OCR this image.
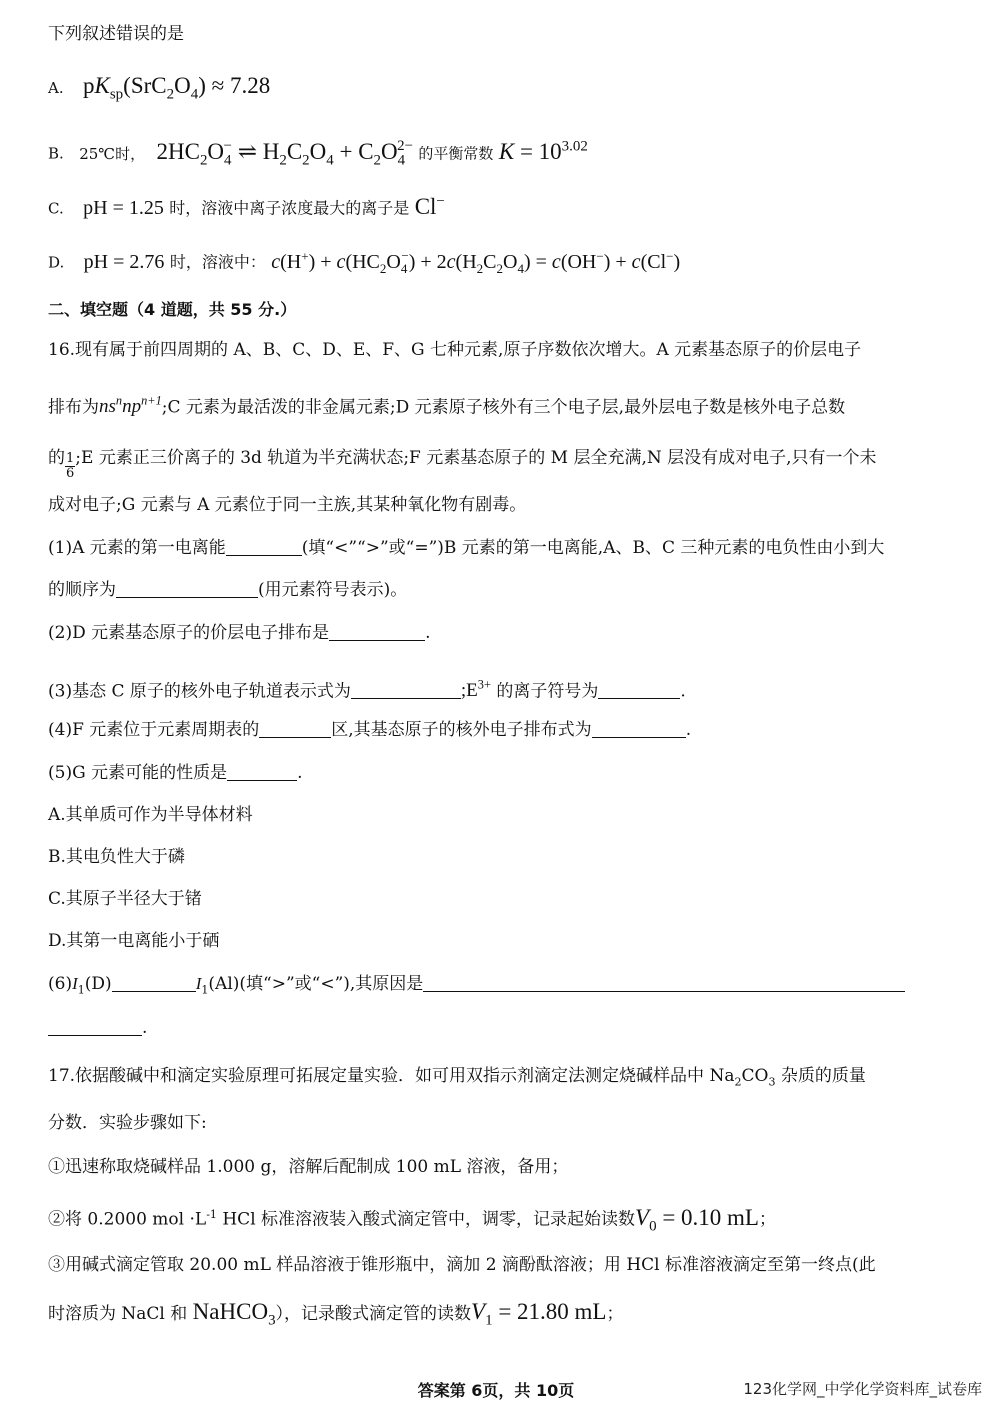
下列叙述错误的是
A. $pK_{sp}(SrC_2O_4) \approx 7.28$
B. 25℃时， $2HC_2O_4^-$ ⇌ $H_2C_2O_4 + C_2O_4^{2-}$ 的平衡常数 $K = 10^{3.02}$
C. pH = 1.25 时，溶液中离子浓度最大的离子是 Cl−
D. pH = 2.76 时，溶液中： $c(H^+) + c(HC_2O_4^-) + 2c(H_2C_2O_4) = c(OH^-) + c(Cl^-)$
二、填空题（4 道题，共 55 分.）
16.现有属于前四周期的 A、B、C、D、E、F、G 七种元素,原子序数依次增大。A 元素基态原子的价层电子
排布为$ns^nnp^{n+1};C$ 元素为最活泼的非金属元素;D 元素原子核外有三个电子层,最外层电子数是核外电子总数
的 $\frac{1}{6}$ ;E 元素正三价离子的 3d 轨道为半充满状态;F 元素基态原子的 M 层全充满,N 层没有成对电子,只有一个未
成对电子;G 元素与 A 元素位于同一主族,其某种氧化物有剧毒。
(1)A 元素的第一电离能	(填“<”“>”或“=”)B 元素的第一电离能,A、B、C 三种元素的电负性由小到大
的顺序为	(用元素符号表示)。
(2)D 元素基态原子的价层电子排布是	.
(3)基态 C 原子的核外电子轨道表示式为	$;E^{3+}$ 的离子符号为	.
(4)F 元素位于元素周期表的	区,其基态原子的核外电子排布式为	.
(5)G 元素可能的性质是	.
A.其单质可作为半导体材料
B.其电负性大于磷
C.其原子半径大于锗
D.其第一电离能小于硒
$(6)I_1(D)$	$I_1(Al)$(填“>”或“<”),其原因是
.
17.依据酸碱中和滴定实验原理可拓展定量实验．如可用双指示剂滴定法测定烧碱样品中 $Na_2CO_3$ 杂质的质量
分数．实验步骤如下:
①迅速称取烧碱样品 1.000 g，溶解后配制成 100 mL 溶液，备用；
②将 0.2000 mol $\cdot L^{-1}$ HCl 标准溶液装入酸式滴定管中，调零，记录起始读数$V_0 = 0.10$ mL；
③用碱式滴定管取 20.00 mL 样品溶液于锥形瓶中，滴加 2 滴酚酞溶液；用 HCl 标准溶液滴定至第一终点(此
时溶质为 NaCl 和 NaHCO$_3$），记录酸式滴定管的读数$V_1 = 21.80$ mL；
答案第 6页，共 10页	123化学网_中学化学资料库_试卷库
